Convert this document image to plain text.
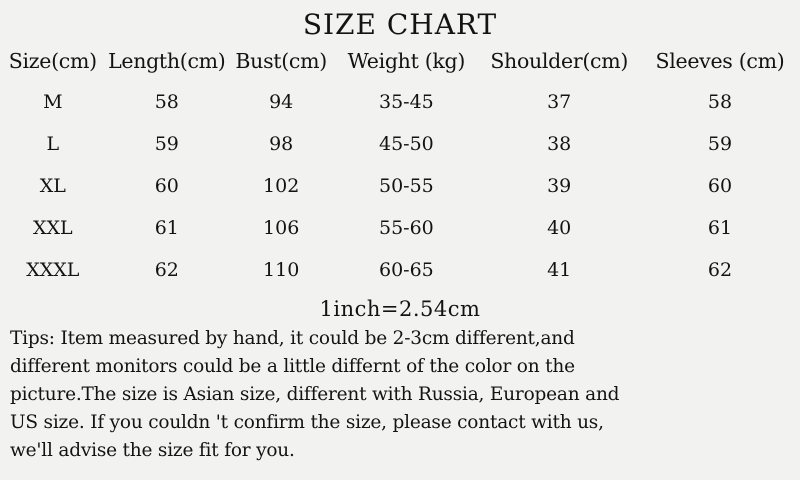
SIZE CHART
Size(cm)	Length(cm)	Bust(cm)	Weight (kg)	Shoulder(cm)	Sleeves (cm)
M	58	94	35-45	37	58
L	59	98	45-50	38	59
XL	60	102	50-55	39	60
XXL	61	106	55-60	40	61
XXXL	62	110	60-65	41	62
1inch=2.54cm

Tips: Item measured by hand, it could be 2-3cm different,and

different monitors could be a little differnt of the color on the

picture.The size is Asian size, different with Russia, European and

US size. If you couldn 't confirm the size, please contact with us,

we'll advise the size fit for you.
